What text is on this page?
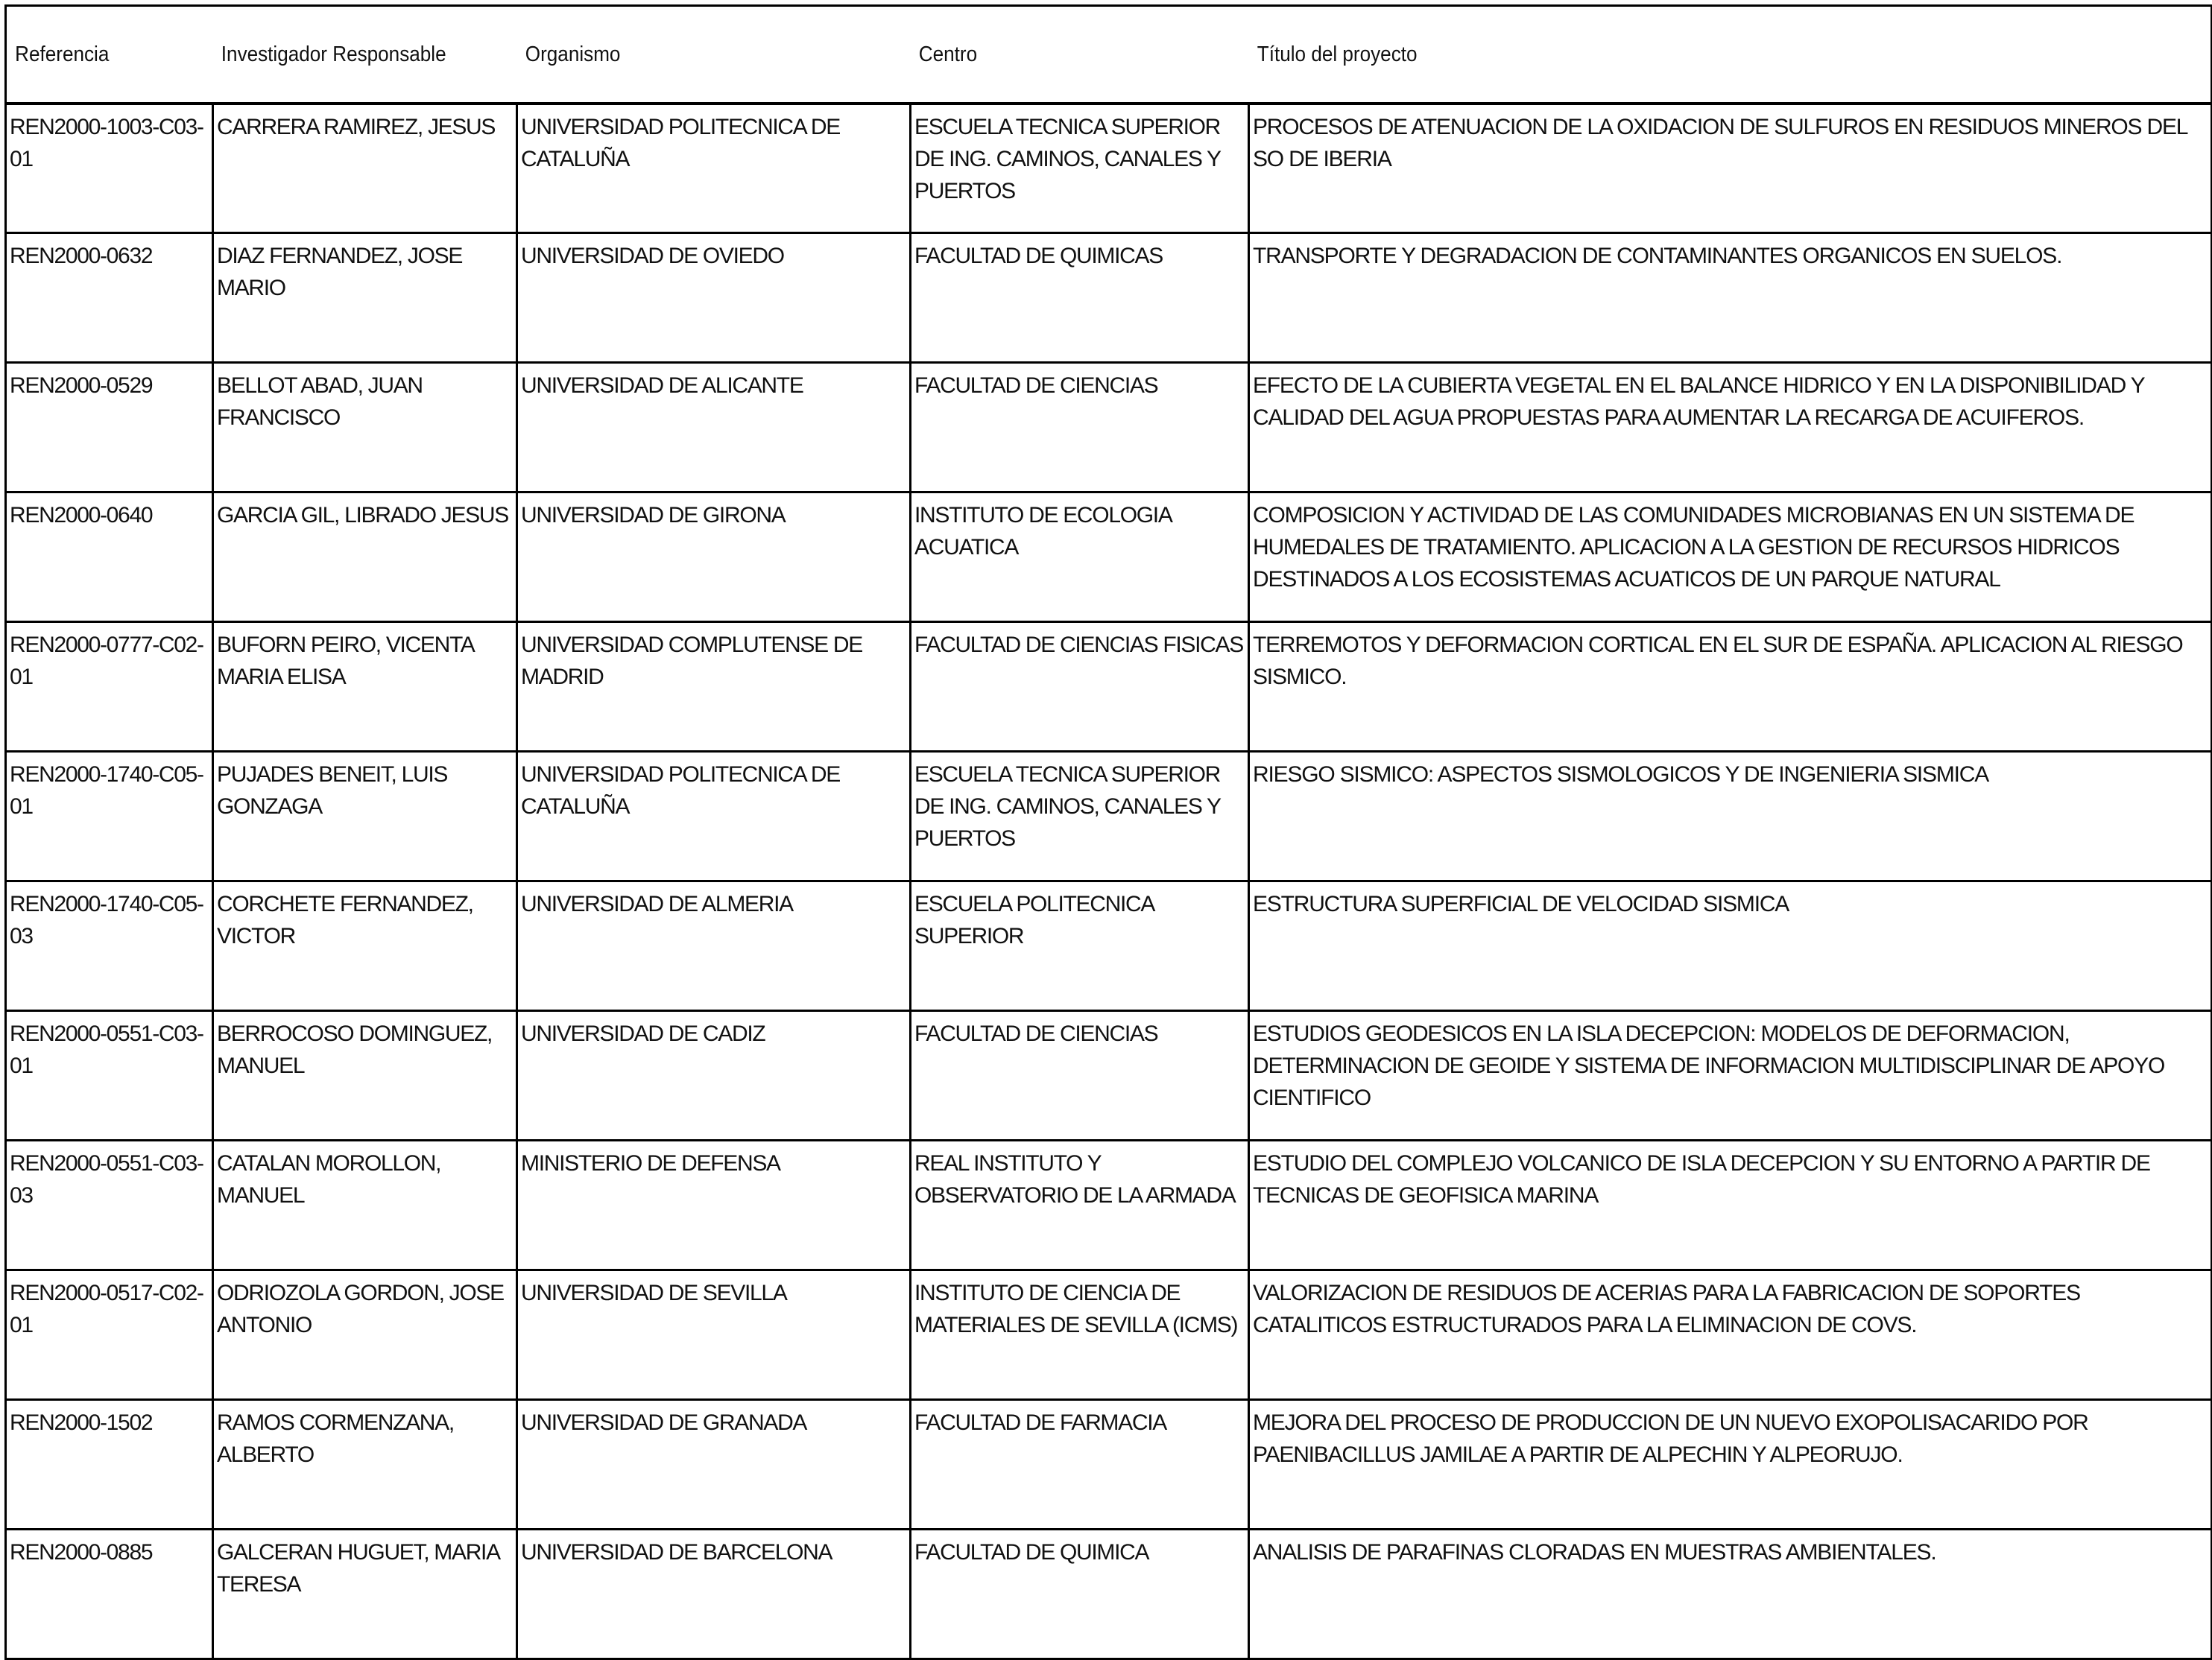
Referencia	Investigador Responsable	Organismo	Centro	Título del proyecto

REN2000-1003-C03-01	CARRERA RAMIREZ, JESUS	UNIVERSIDAD POLITECNICA DE CATALUÑA	ESCUELA TECNICA SUPERIOR DE ING. CAMINOS, CANALES Y PUERTOS	PROCESOS DE ATENUACION DE LA OXIDACION DE SULFUROS EN RESIDUOS MINEROS DEL SO DE IBERIA

REN2000-0632	DIAZ FERNANDEZ, JOSE MARIO	UNIVERSIDAD DE OVIEDO	FACULTAD DE QUIMICAS	TRANSPORTE Y DEGRADACION DE CONTAMINANTES ORGANICOS EN SUELOS.

REN2000-0529	BELLOT ABAD, JUAN FRANCISCO	UNIVERSIDAD DE ALICANTE	FACULTAD DE CIENCIAS	EFECTO DE LA CUBIERTA VEGETAL EN EL BALANCE HIDRICO Y EN LA DISPONIBILIDAD Y CALIDAD DEL AGUA PROPUESTAS PARA AUMENTAR LA RECARGA DE ACUIFEROS.

REN2000-0640	GARCIA GIL, LIBRADO JESUS	UNIVERSIDAD DE GIRONA	INSTITUTO DE ECOLOGIA ACUATICA	COMPOSICION Y ACTIVIDAD DE LAS COMUNIDADES MICROBIANAS EN UN SISTEMA DE HUMEDALES DE TRATAMIENTO. APLICACION A LA GESTION DE RECURSOS HIDRICOS DESTINADOS A LOS ECOSISTEMAS ACUATICOS DE UN PARQUE NATURAL

REN2000-0777-C02-01	BUFORN PEIRO, VICENTA MARIA ELISA	UNIVERSIDAD COMPLUTENSE DE MADRID	FACULTAD DE CIENCIAS FISICAS	TERREMOTOS Y DEFORMACION CORTICAL EN EL SUR DE ESPAÑA. APLICACION AL RIESGO SISMICO.

REN2000-1740-C05-01	PUJADES BENEIT, LUIS GONZAGA	UNIVERSIDAD POLITECNICA DE CATALUÑA	ESCUELA TECNICA SUPERIOR DE ING. CAMINOS, CANALES Y PUERTOS	RIESGO SISMICO: ASPECTOS SISMOLOGICOS Y DE INGENIERIA SISMICA

REN2000-1740-C05-03	CORCHETE FERNANDEZ, VICTOR	UNIVERSIDAD DE ALMERIA	ESCUELA POLITECNICA SUPERIOR	ESTRUCTURA SUPERFICIAL DE VELOCIDAD SISMICA

REN2000-0551-C03-01	BERROCOSO DOMINGUEZ, MANUEL	UNIVERSIDAD DE CADIZ	FACULTAD DE CIENCIAS	ESTUDIOS GEODESICOS EN LA ISLA DECEPCION: MODELOS DE DEFORMACION, DETERMINACION DE GEOIDE Y SISTEMA DE INFORMACION MULTIDISCIPLINAR DE APOYO CIENTIFICO

REN2000-0551-C03-03	CATALAN MOROLLON, MANUEL	MINISTERIO DE DEFENSA	REAL INSTITUTO Y OBSERVATORIO DE LA ARMADA	ESTUDIO DEL COMPLEJO VOLCANICO DE ISLA DECEPCION Y SU ENTORNO A PARTIR DE TECNICAS DE GEOFISICA MARINA

REN2000-0517-C02-01	ODRIOZOLA GORDON, JOSE ANTONIO	UNIVERSIDAD DE SEVILLA	INSTITUTO DE CIENCIA DE MATERIALES DE SEVILLA (ICMS)	VALORIZACION DE RESIDUOS DE ACERIAS PARA LA FABRICACION DE SOPORTES CATALITICOS ESTRUCTURADOS PARA LA ELIMINACION DE COVS.

REN2000-1502	RAMOS CORMENZANA, ALBERTO	UNIVERSIDAD DE GRANADA	FACULTAD DE FARMACIA	MEJORA DEL PROCESO DE PRODUCCION DE UN NUEVO EXOPOLISACARIDO POR PAENIBACILLUS JAMILAE A PARTIR DE ALPECHIN Y ALPEORUJO.

REN2000-0885	GALCERAN HUGUET, MARIA TERESA	UNIVERSIDAD DE BARCELONA	FACULTAD DE QUIMICA	ANALISIS DE PARAFINAS CLORADAS EN MUESTRAS AMBIENTALES.
